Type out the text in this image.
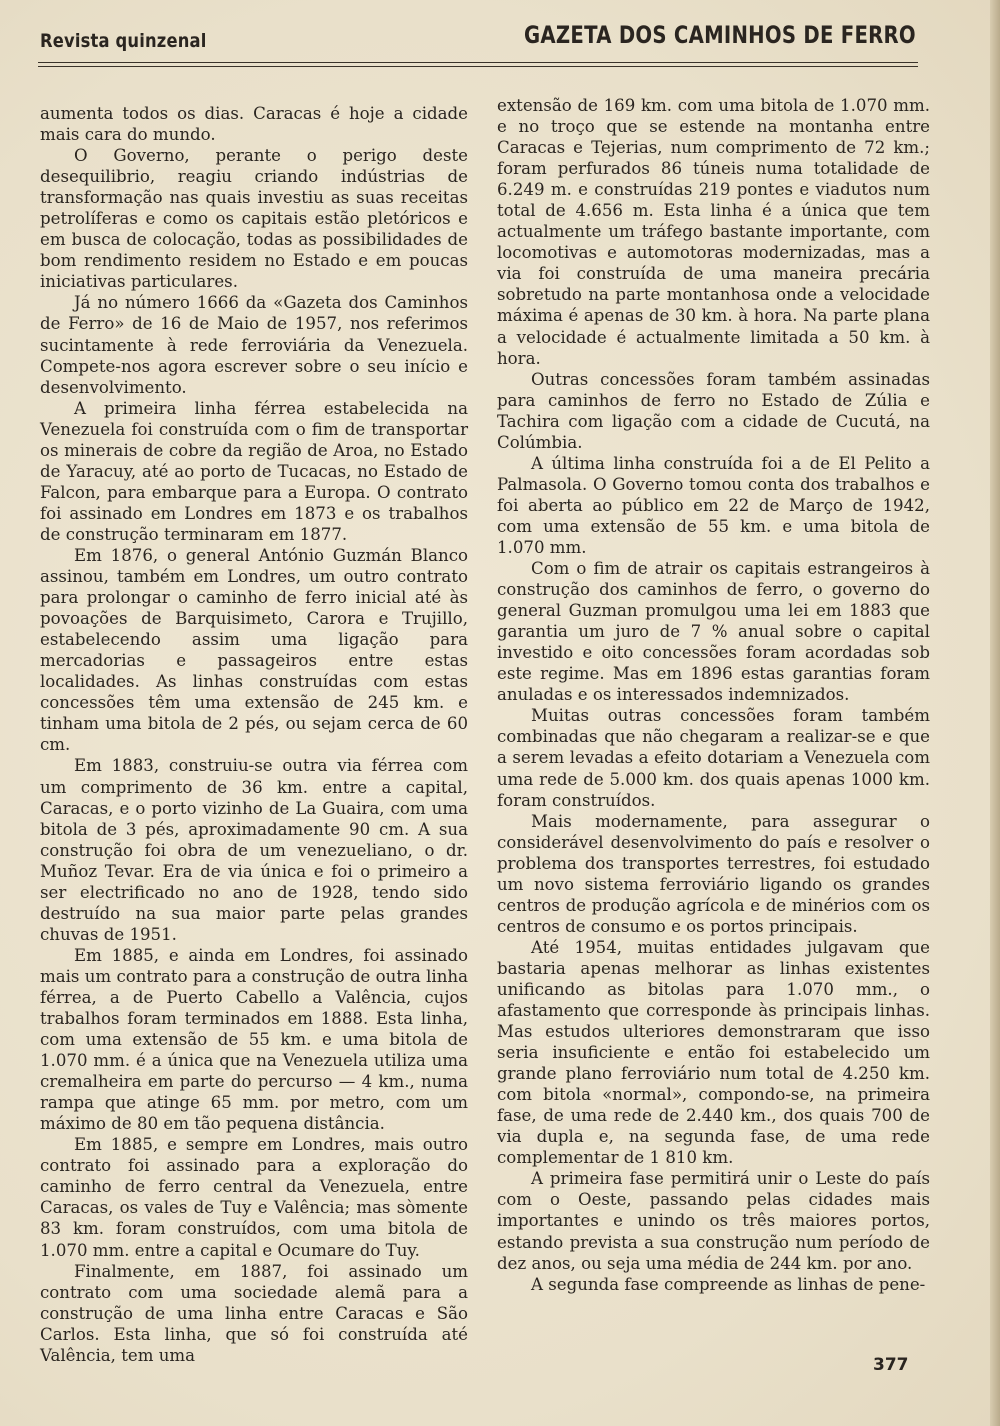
Revista quinzenal	GAZETA DOS CAMINHOS DE FERRO

aumenta todos os dias. Caracas é hoje a cidade mais cara do mundo.

O Governo, perante o perigo deste desequilibrio, reagiu criando indústrias de transformação nas quais investiu as suas receitas petrolíferas e como os capitais estão pletóricos e em busca de colocação, todas as possibilidades de bom rendimento residem no Estado e em poucas iniciativas particulares.

Já no número 1666 da «Gazeta dos Caminhos de Ferro» de 16 de Maio de 1957, nos referimos sucintamente à rede ferroviária da Venezuela. Compete-nos agora escrever sobre o seu início e desenvolvimento.

A primeira linha férrea estabelecida na Venezuela foi construída com o fim de transportar os minerais de cobre da região de Aroa, no Estado de Yaracuy, até ao porto de Tucacas, no Estado de Falcon, para embarque para a Europa. O contrato foi assinado em Londres em 1873 e os trabalhos de construção terminaram em 1877.

Em 1876, o general António Guzmán Blanco assinou, também em Londres, um outro contrato para prolongar o caminho de ferro inicial até às povoações de Barquisimeto, Carora e Trujillo, estabelecendo assim uma ligação para mercadorias e passageiros entre estas localidades. As linhas construídas com estas concessões têm uma extensão de 245 km. e tinham uma bitola de 2 pés, ou sejam cerca de 60 cm.

Em 1883, construiu-se outra via férrea com um comprimento de 36 km. entre a capital, Caracas, e o porto vizinho de La Guaira, com uma bitola de 3 pés, aproximadamente 90 cm. A sua construção foi obra de um venezueliano, o dr. Muñoz Tevar. Era de via única e foi o primeiro a ser electrificado no ano de 1928, tendo sido destruído na sua maior parte pelas grandes chuvas de 1951.

Em 1885, e ainda em Londres, foi assinado mais um contrato para a construção de outra linha férrea, a de Puerto Cabello a Valência, cujos trabalhos foram terminados em 1888. Esta linha, com uma extensão de 55 km. e uma bitola de 1.070 mm. é a única que na Venezuela utiliza uma cremalheira em parte do percurso — 4 km., numa rampa que atinge 65 mm. por metro, com um máximo de 80 em tão pequena distância.

Em 1885, e sempre em Londres, mais outro contrato foi assinado para a exploração do caminho de ferro central da Venezuela, entre Caracas, os vales de Tuy e Valência; mas sòmente 83 km. foram construídos, com uma bitola de 1.070 mm. entre a capital e Ocumare do Tuy.

Finalmente, em 1887, foi assinado um contrato com uma sociedade alemã para a construção de uma linha entre Caracas e São Carlos. Esta linha, que só foi construída até Valência, tem uma

extensão de 169 km. com uma bitola de 1.070 mm. e no troço que se estende na montanha entre Caracas e Tejerias, num comprimento de 72 km.; foram perfurados 86 túneis numa totalidade de 6.249 m. e construídas 219 pontes e viadutos num total de 4.656 m. Esta linha é a única que tem actualmente um tráfego bastante importante, com locomotivas e automotoras modernizadas, mas a via foi construída de uma maneira precária sobretudo na parte montanhosa onde a velocidade máxima é apenas de 30 km. à hora. Na parte plana a velocidade é actualmente limitada a 50 km. à hora.

Outras concessões foram também assinadas para caminhos de ferro no Estado de Zúlia e Tachira com ligação com a cidade de Cucutá, na Colúmbia.

A última linha construída foi a de El Pelito a Palmasola. O Governo tomou conta dos trabalhos e foi aberta ao público em 22 de Março de 1942, com uma extensão de 55 km. e uma bitola de 1.070 mm.

Com o fim de atrair os capitais estrangeiros à construção dos caminhos de ferro, o governo do general Guzman promulgou uma lei em 1883 que garantia um juro de 7 % anual sobre o capital investido e oito concessões foram acordadas sob este regime. Mas em 1896 estas garantias foram anuladas e os interessados indemnizados.

Muitas outras concessões foram também combinadas que não chegaram a realizar-se e que a serem levadas a efeito dotariam a Venezuela com uma rede de 5.000 km. dos quais apenas 1000 km. foram construídos.

Mais modernamente, para assegurar o considerável desenvolvimento do país e resolver o problema dos transportes terrestres, foi estudado um novo sistema ferroviário ligando os grandes centros de produção agrícola e de minérios com os centros de consumo e os portos principais.

Até 1954, muitas entidades julgavam que bastaria apenas melhorar as linhas existentes unificando as bitolas para 1.070 mm., o afastamento que corresponde às principais linhas. Mas estudos ulteriores demonstraram que isso seria insuficiente e então foi estabelecido um grande plano ferroviário num total de 4.250 km. com bitola «normal», compondo-se, na primeira fase, de uma rede de 2.440 km., dos quais 700 de via dupla e, na segunda fase, de uma rede complementar de 1 810 km.

A primeira fase permitirá unir o Leste do país com o Oeste, passando pelas cidades mais importantes e unindo os três maiores portos, estando prevista a sua construção num período de dez anos, ou seja uma média de 244 km. por ano.

A segunda fase compreende as linhas de pene-

377
